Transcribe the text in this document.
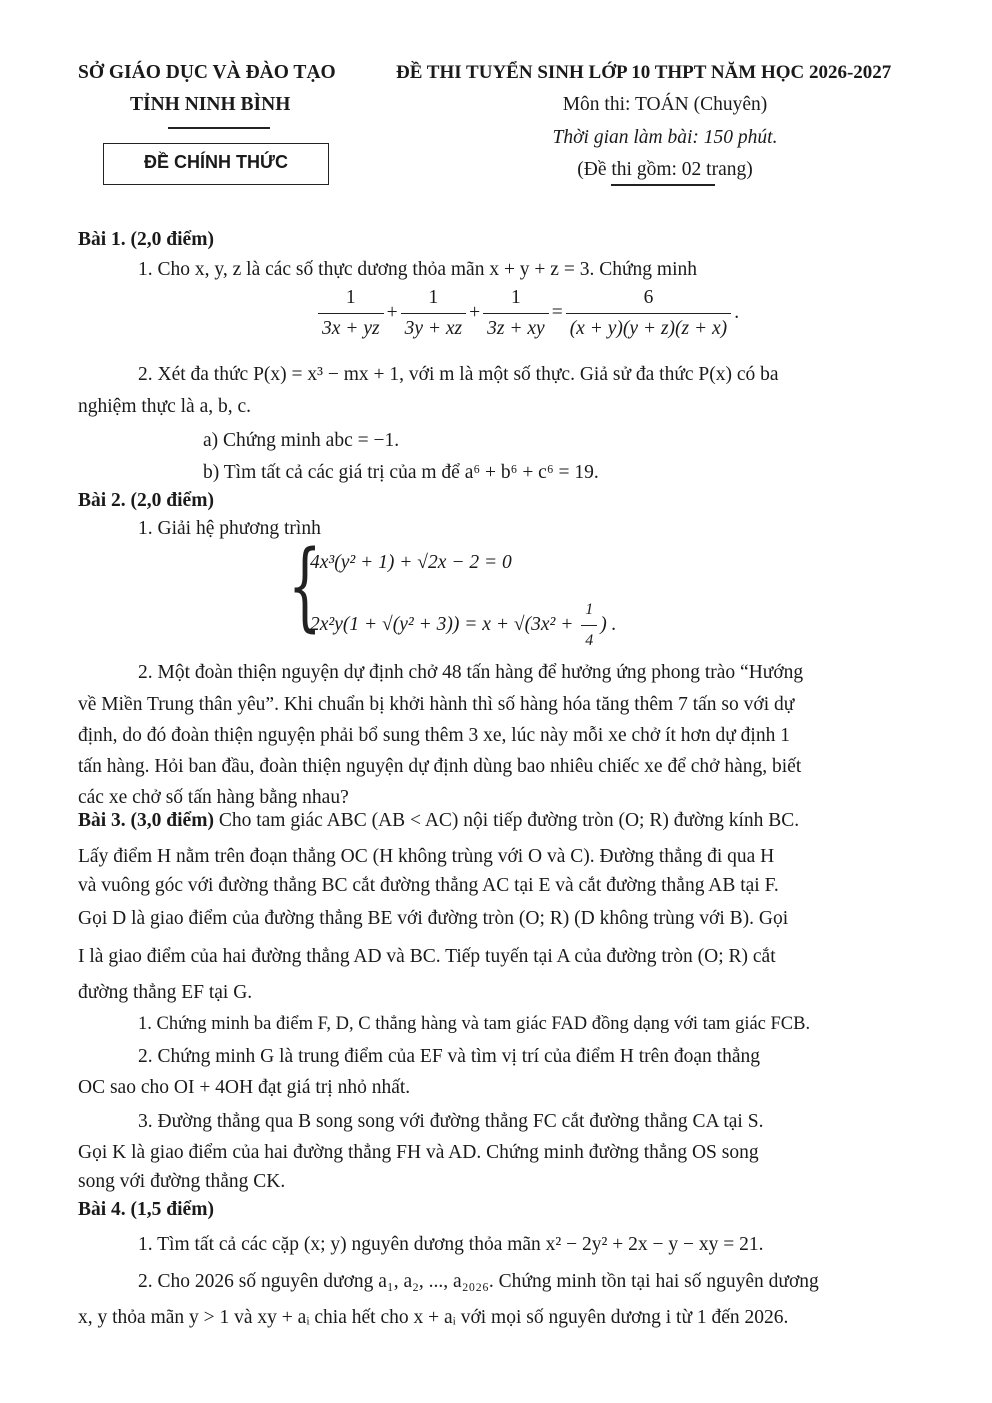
SỞ GIÁO DỤC VÀ ĐÀO TẠO
TỈNH NINH BÌNH
ĐỀ CHÍNH THỨC
ĐỀ THI TUYỂN SINH LỚP 10 THPT NĂM HỌC 2026-2027
Môn thi: TOÁN (Chuyên)
Thời gian làm bài: 150 phút.
(Đề thi gồm: 02 trang)
Bài 1. (2,0 điểm)
1. Cho x, y, z là các số thực dương thỏa mãn x + y + z = 3. Chứng minh
$\frac{1}{3x + yz} + \frac{1}{3y + xz} + \frac{1}{3z + xy} = \frac{6}{(x + y)(y + z)(z + x)}$ .
2. Xét đa thức P(x) = x³ − mx + 1, với m là một số thực. Giả sử đa thức P(x) có ba
nghiệm thực là a, b, c.
a) Chứng minh abc = −1.
b) Tìm tất cả các giá trị của m để a⁶ + b⁶ + c⁶ = 19.
Bài 2. (2,0 điểm)
1. Giải hệ phương trình
{
4x³(y² + 1) + √2x − 2 = 0
$2x^2y(1 + √(y^2 + 3)) = x + √(3x^2 + \frac{1}{4}$ ) .
2. Một đoàn thiện nguyện dự định chở 48 tấn hàng để hưởng ứng phong trào “Hướng
về Miền Trung thân yêu”. Khi chuẩn bị khởi hành thì số hàng hóa tăng thêm 7 tấn so với dự
định, do đó đoàn thiện nguyện phải bổ sung thêm 3 xe, lúc này mỗi xe chở ít hơn dự định 1
tấn hàng. Hỏi ban đầu, đoàn thiện nguyện dự định dùng bao nhiêu chiếc xe để chở hàng, biết
các xe chở số tấn hàng bằng nhau?
Bài 3. (3,0 điểm) Cho tam giác ABC (AB < AC) nội tiếp đường tròn (O; R) đường kính BC.
Lấy điểm H nằm trên đoạn thẳng OC (H không trùng với O và C). Đường thẳng đi qua H
và vuông góc với đường thẳng BC cắt đường thẳng AC tại E và cắt đường thẳng AB tại F.
Gọi D là giao điểm của đường thẳng BE với đường tròn (O; R) (D không trùng với B). Gọi
I là giao điểm của hai đường thẳng AD và BC. Tiếp tuyến tại A của đường tròn (O; R) cắt
đường thẳng EF tại G.
1. Chứng minh ba điểm F, D, C thẳng hàng và tam giác FAD đồng dạng với tam giác FCB.
2. Chứng minh G là trung điểm của EF và tìm vị trí của điểm H trên đoạn thẳng
OC sao cho OI + 4OH đạt giá trị nhỏ nhất.
3. Đường thẳng qua B song song với đường thẳng FC cắt đường thẳng CA tại S.
Gọi K là giao điểm của hai đường thẳng FH và AD. Chứng minh đường thẳng OS song
song với đường thẳng CK.
Bài 4. (1,5 điểm)
1. Tìm tất cả các cặp (x; y) nguyên dương thỏa mãn x² − 2y² + 2x − y − xy = 21.
2. Cho 2026 số nguyên dương a₁, a₂, ..., a₂₀₂₆. Chứng minh tồn tại hai số nguyên dương
x, y thỏa mãn y > 1 và xy + aᵢ chia hết cho x + aᵢ với mọi số nguyên dương i từ 1 đến 2026.
